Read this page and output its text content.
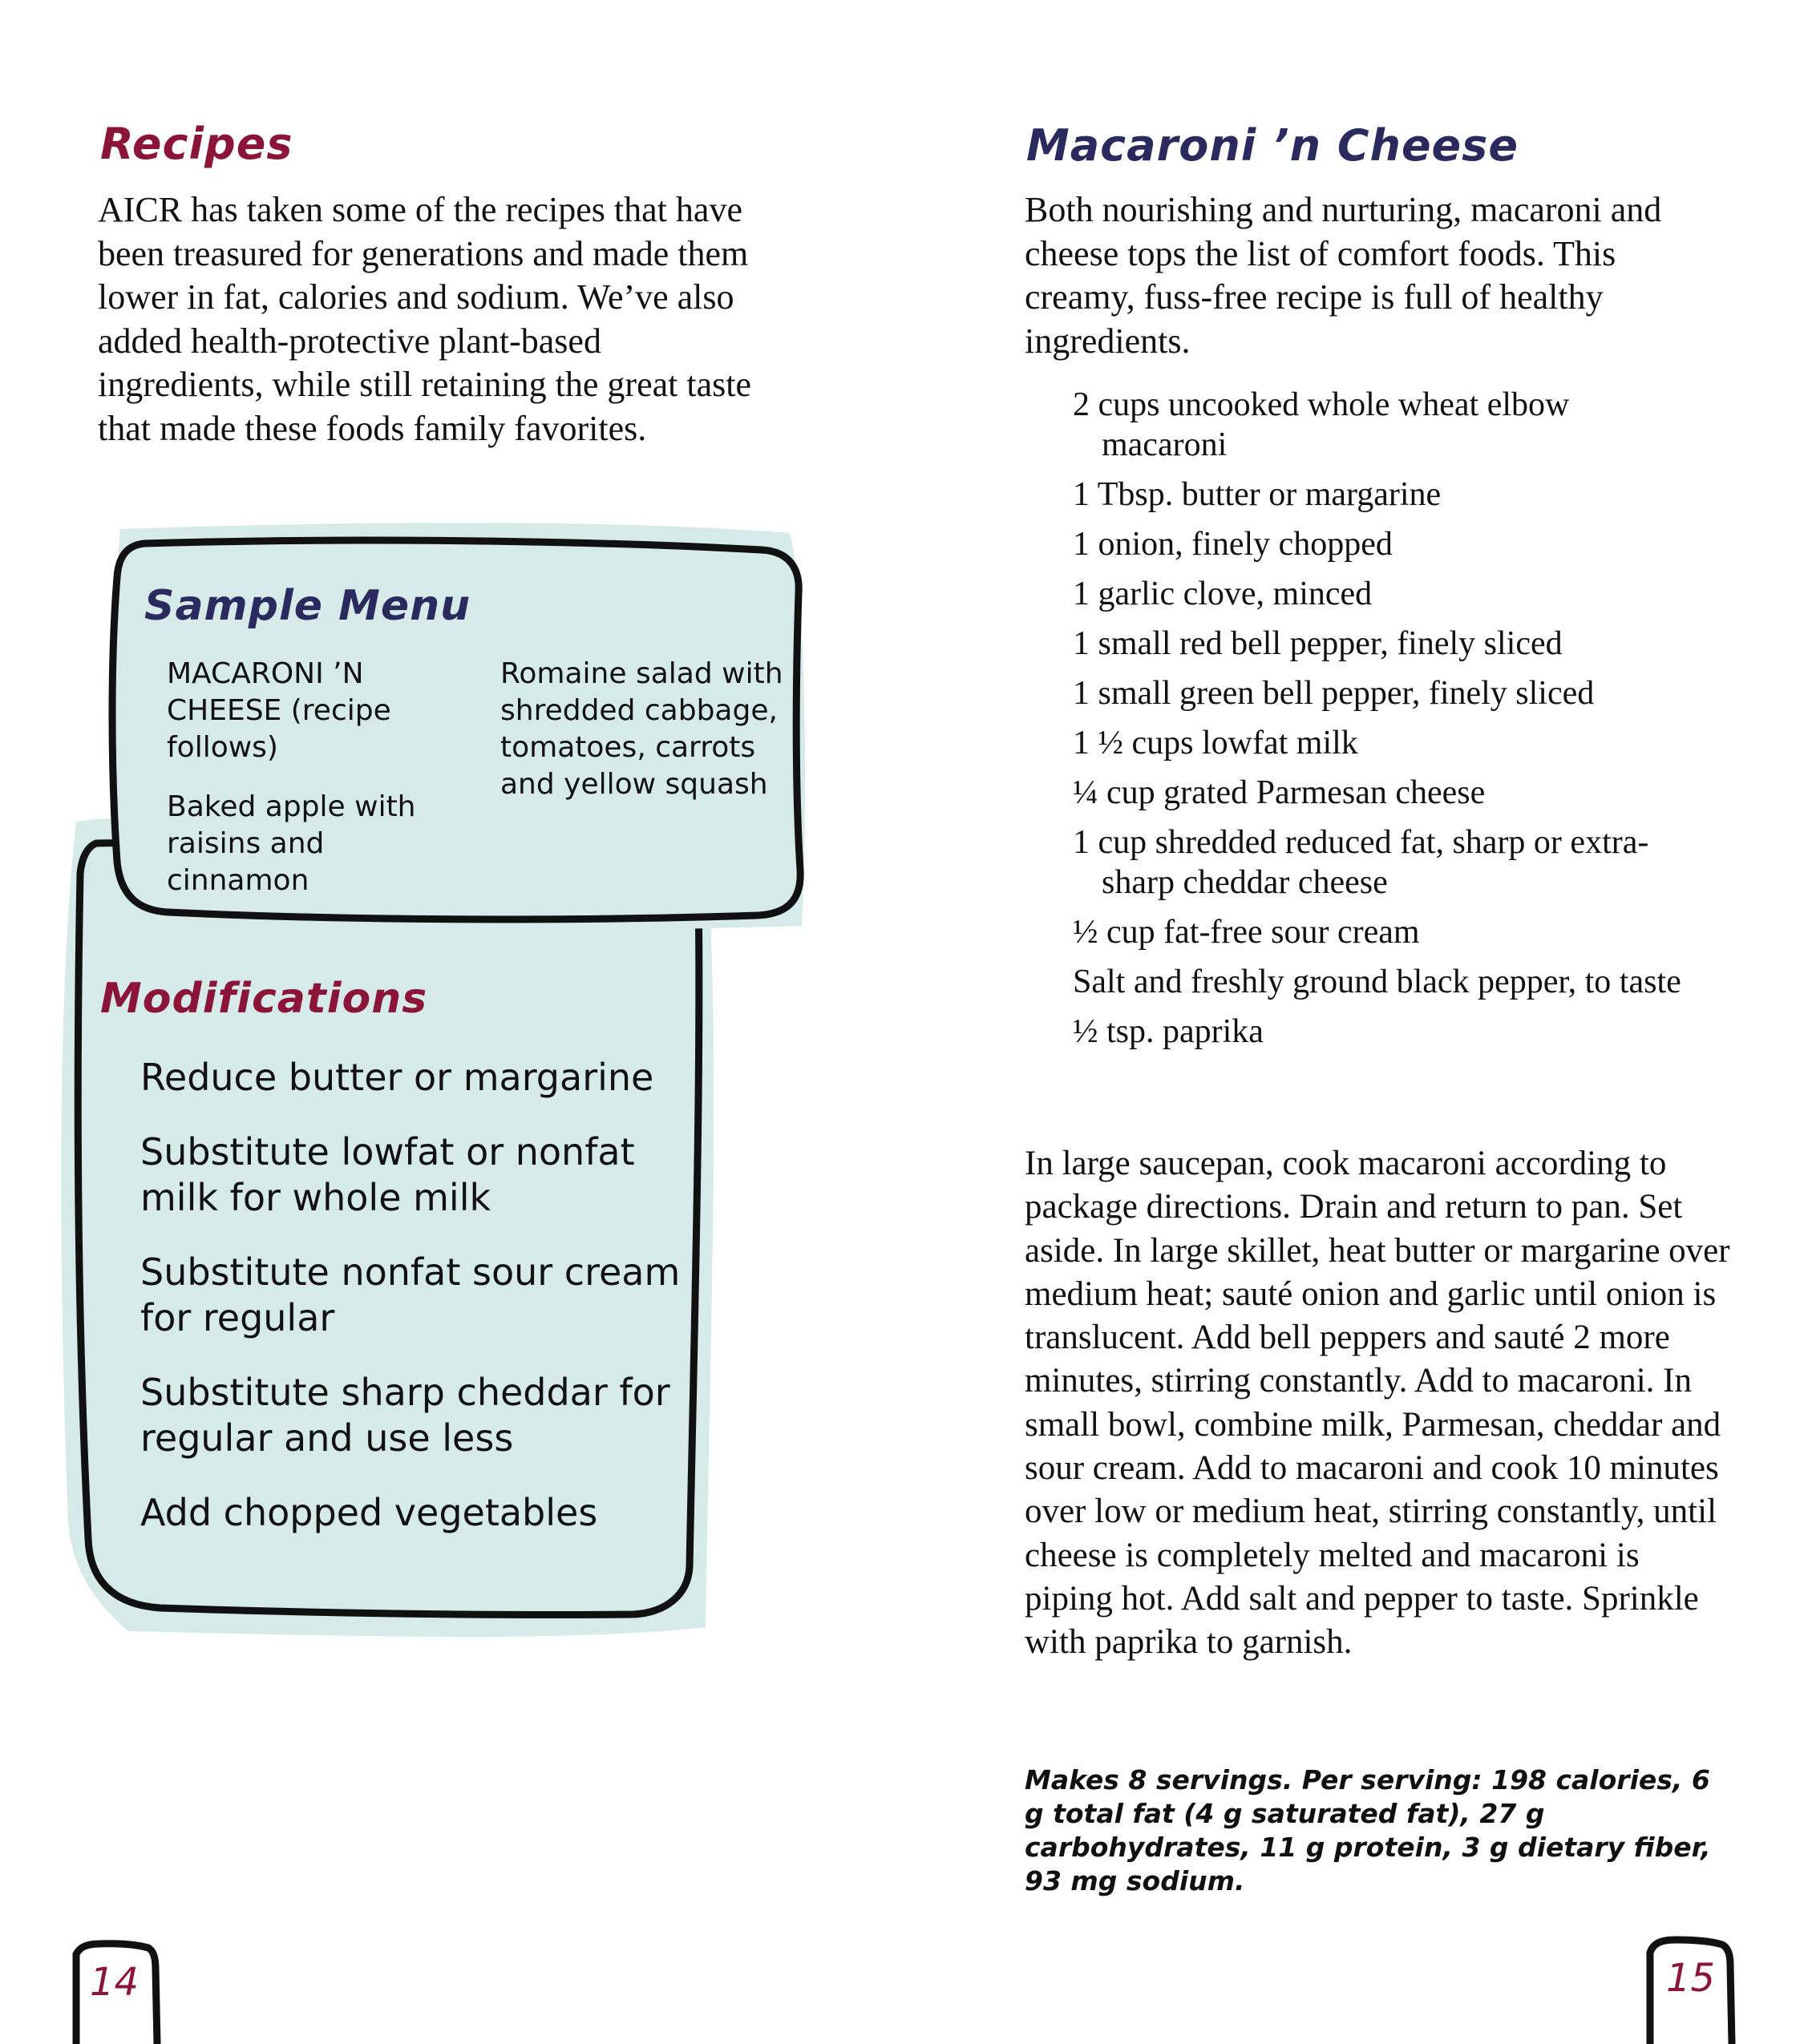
Recipes

AICR has taken some of the recipes that have been treasured for generations and made them lower in fat, calories and sodium. We’ve also added health-protective plant-based ingredients, while still retaining the great taste that made these foods family favorites.

Sample Menu

MACARONI ’N CHEESE (recipe follows)

Baked apple with raisins and cinnamon

Romaine salad with shredded cabbage, tomatoes, carrots and yellow squash

Modifications
Reduce butter or margarine
Substitute lowfat or nonfat milk for whole milk
Substitute nonfat sour cream for regular
Substitute sharp cheddar for regular and use less
Add chopped vegetables
14
Macaroni ’n Cheese

Both nourishing and nurturing, macaroni and cheese tops the list of comfort foods. This creamy, fuss-free recipe is full of healthy ingredients.

2 cups uncooked whole wheat elbow macaroni
1 Tbsp. butter or margarine
1 onion, finely chopped
1 garlic clove, minced
1 small red bell pepper, finely sliced
1 small green bell pepper, finely sliced
1 ½ cups lowfat milk
¼ cup grated Parmesan cheese
1 cup shredded reduced fat, sharp or extra-sharp cheddar cheese
½ cup fat-free sour cream
Salt and freshly ground black pepper, to taste
½ tsp. paprika

In large saucepan, cook macaroni according to package directions. Drain and return to pan. Set aside. In large skillet, heat butter or margarine over medium heat; sauté onion and garlic until onion is translucent. Add bell peppers and sauté 2 more minutes, stirring constantly. Add to macaroni. In small bowl, combine milk, Parmesan, cheddar and sour cream. Add to macaroni and cook 10 minutes over low or medium heat, stirring constantly, until cheese is completely melted and macaroni is piping hot. Add salt and pepper to taste. Sprinkle with paprika to garnish.

Makes 8 servings. Per serving: 198 calories, 6 g total fat (4 g saturated fat), 27 g carbohydrates, 11 g protein, 3 g dietary fiber, 93 mg sodium.

15
